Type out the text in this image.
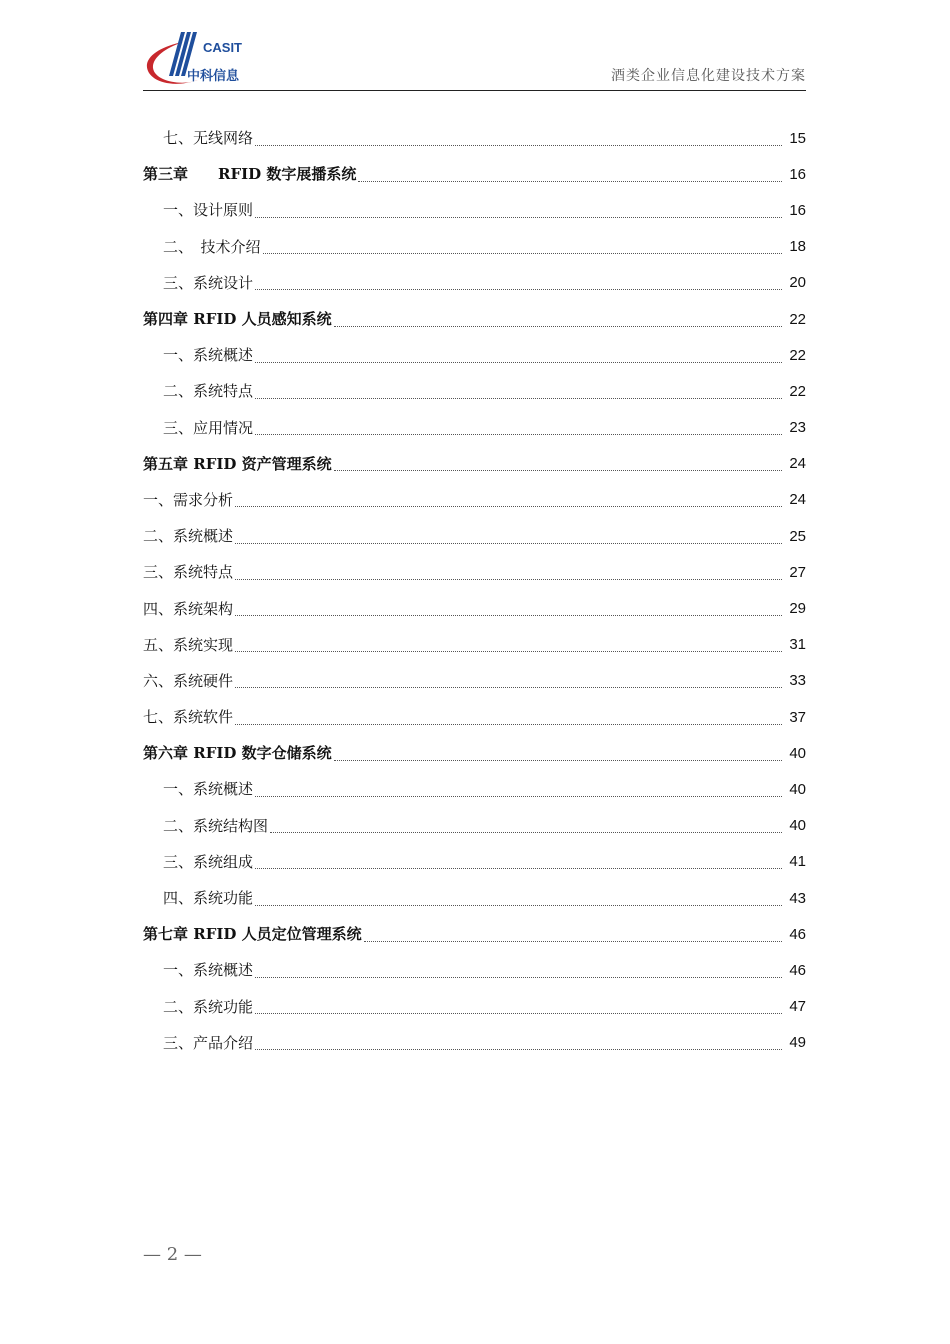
CASIT
中科信息	酒类企业信息化建设技术方案
七、无线网络	15
第三章　　RFID 数字展播系统	16
一、设计原则	16
二、　技术介绍	18
三、系统设计	20
第四章 RFID 人员感知系统	22
一、系统概述	22
二、系统特点	22
三、应用情况	23
第五章 RFID 资产管理系统	24
一、需求分析	24
二、系统概述	25
三、系统特点	27
四、系统架构	29
五、系统实现	31
六、系统硬件	33
七、系统软件	37
第六章 RFID 数字仓储系统	40
一、系统概述	40
二、系统结构图	40
三、系统组成	41
四、系统功能	43
第七章 RFID 人员定位管理系统	46
一、系统概述	46
二、系统功能	47
三、产品介绍	49
— 2 —
